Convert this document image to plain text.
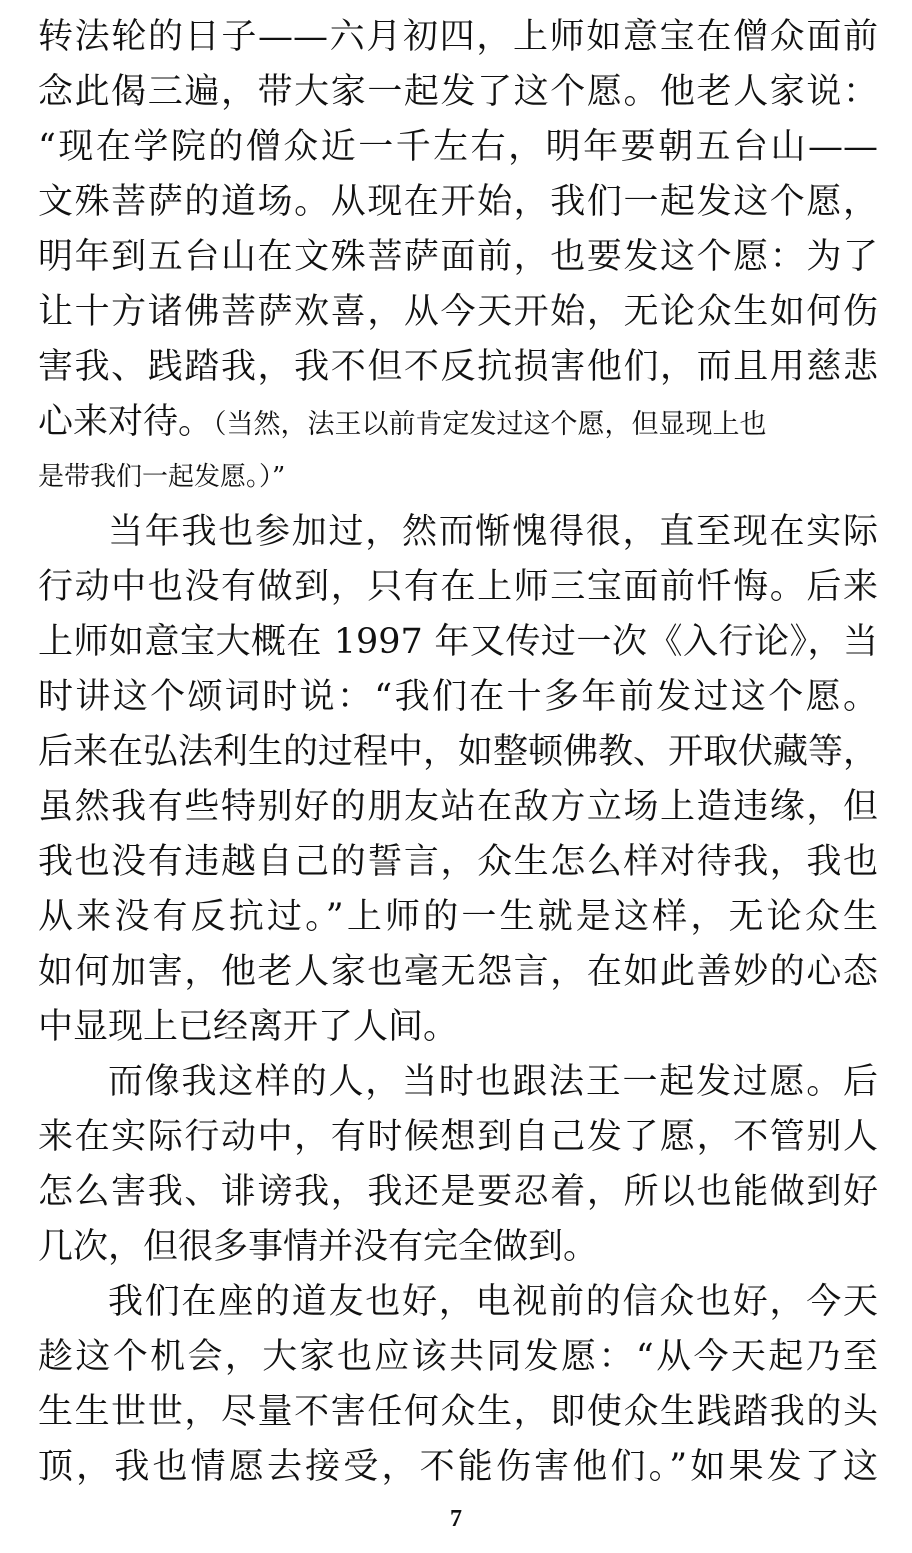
转法轮的日子——六月初四，上师如意宝在僧众面前
念此偈三遍，带大家一起发了这个愿。他老人家说：
“现在学院的僧众近一千左右，明年要朝五台山——
文殊菩萨的道场。从现在开始，我们一起发这个愿，
明年到五台山在文殊菩萨面前，也要发这个愿：为了
让十方诸佛菩萨欢喜，从今天开始，无论众生如何伤
害我、践踏我，我不但不反抗损害他们，而且用慈悲
心来对待。（当然，法王以前肯定发过这个愿，但显现上也
是带我们一起发愿。）”
当年我也参加过，然而惭愧得很，直至现在实际
行动中也没有做到，只有在上师三宝面前忏悔。后来
上师如意宝大概在 1997 年又传过一次《入行论》，当
时讲这个颂词时说：“我们在十多年前发过这个愿。
后来在弘法利生的过程中，如整顿佛教、开取伏藏等，
虽然我有些特别好的朋友站在敌方立场上造违缘，但
我也没有违越自己的誓言，众生怎么样对待我，我也
从来没有反抗过。”上师的一生就是这样，无论众生
如何加害，他老人家也毫无怨言，在如此善妙的心态
中显现上已经离开了人间。
而像我这样的人，当时也跟法王一起发过愿。后
来在实际行动中，有时候想到自己发了愿，不管别人
怎么害我、诽谤我，我还是要忍着，所以也能做到好
几次，但很多事情并没有完全做到。
我们在座的道友也好，电视前的信众也好，今天
趁这个机会，大家也应该共同发愿：“从今天起乃至
生生世世，尽量不害任何众生，即使众生践踏我的头
顶，我也情愿去接受，不能伤害他们。”如果发了这
7
